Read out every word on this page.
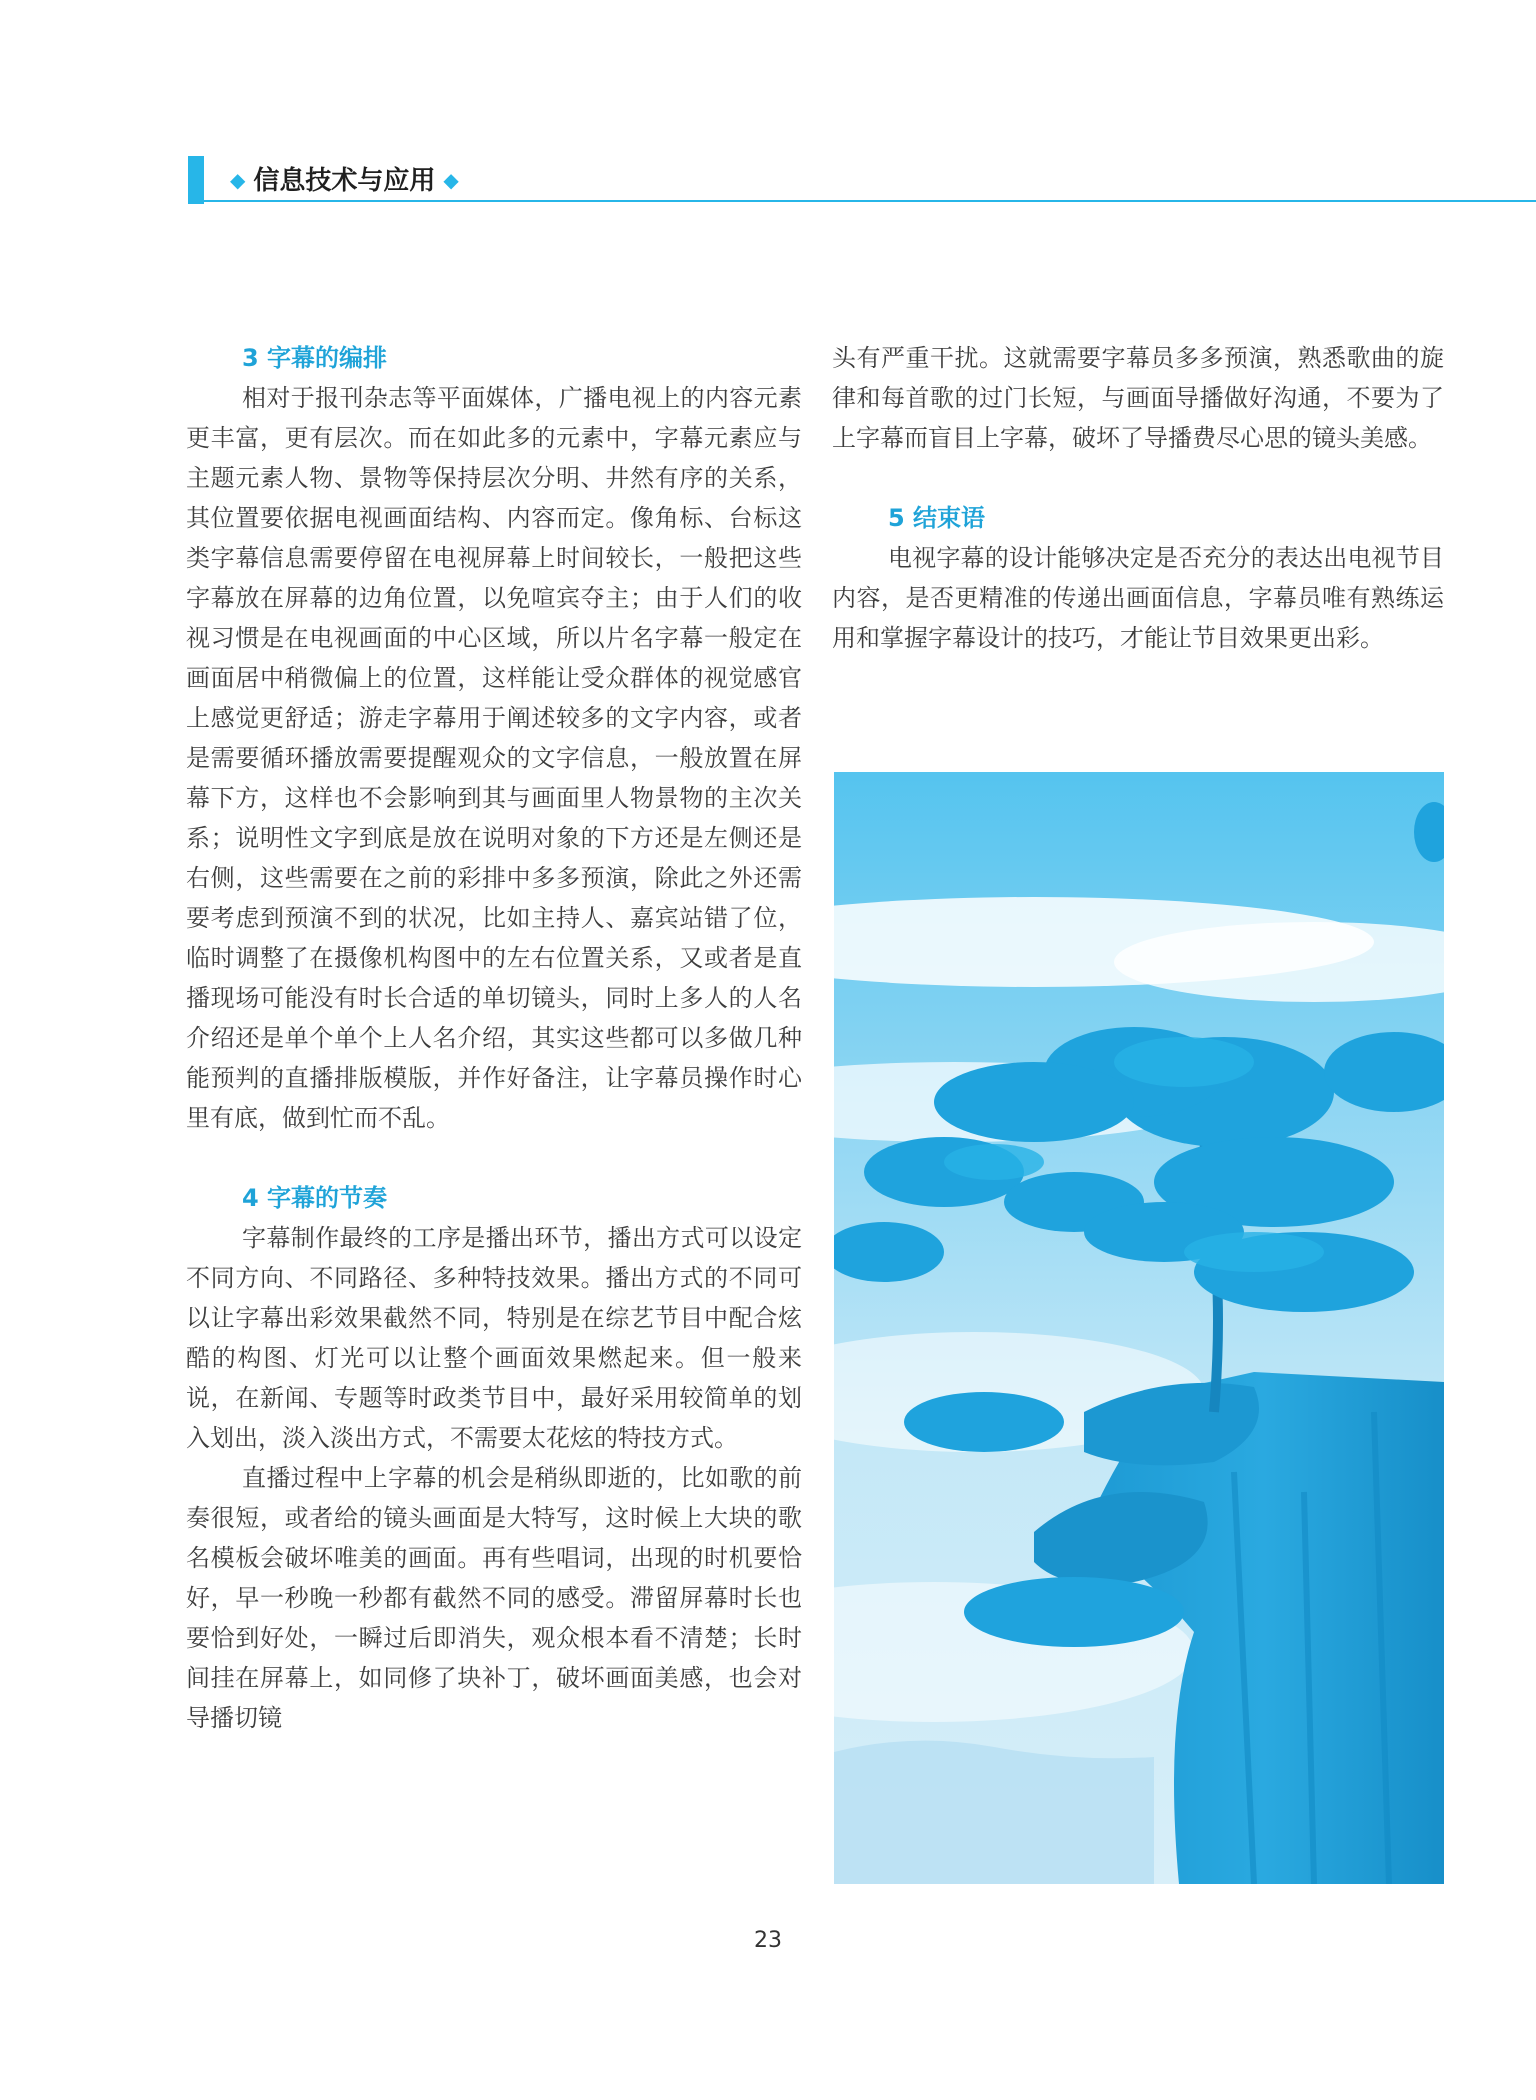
◆ 信息技术与应用 ◆
3 字幕的编排

相对于报刊杂志等平面媒体，广播电视上的内容元素更丰富，更有层次。而在如此多的元素中，字幕元素应与主题元素人物、景物等保持层次分明、井然有序的关系，其位置要依据电视画面结构、内容而定。像角标、台标这类字幕信息需要停留在电视屏幕上时间较长，一般把这些字幕放在屏幕的边角位置，以免喧宾夺主；由于人们的收视习惯是在电视画面的中心区域，所以片名字幕一般定在画面居中稍微偏上的位置，这样能让受众群体的视觉感官上感觉更舒适；游走字幕用于阐述较多的文字内容，或者是需要循环播放需要提醒观众的文字信息，一般放置在屏幕下方，这样也不会影响到其与画面里人物景物的主次关系；说明性文字到底是放在说明对象的下方还是左侧还是右侧，这些需要在之前的彩排中多多预演，除此之外还需要考虑到预演不到的状况，比如主持人、嘉宾站错了位，临时调整了在摄像机构图中的左右位置关系，又或者是直播现场可能没有时长合适的单切镜头，同时上多人的人名介绍还是单个单个上人名介绍，其实这些都可以多做几种能预判的直播排版模版，并作好备注，让字幕员操作时心里有底，做到忙而不乱。

4 字幕的节奏

字幕制作最终的工序是播出环节，播出方式可以设定不同方向、不同路径、多种特技效果。播出方式的不同可以让字幕出彩效果截然不同，特别是在综艺节目中配合炫酷的构图、灯光可以让整个画面效果燃起来。但一般来说，在新闻、专题等时政类节目中，最好采用较简单的划入划出，淡入淡出方式，不需要太花炫的特技方式。

直播过程中上字幕的机会是稍纵即逝的，比如歌的前奏很短，或者给的镜头画面是大特写，这时候上大块的歌名模板会破坏唯美的画面。再有些唱词，出现的时机要恰好，早一秒晚一秒都有截然不同的感受。滞留屏幕时长也要恰到好处，一瞬过后即消失，观众根本看不清楚；长时间挂在屏幕上，如同修了块补丁，破坏画面美感，也会对导播切镜

头有严重干扰。这就需要字幕员多多预演，熟悉歌曲的旋律和每首歌的过门长短，与画面导播做好沟通，不要为了上字幕而盲目上字幕，破坏了导播费尽心思的镜头美感。

5 结束语

电视字幕的设计能够决定是否充分的表达出电视节目内容，是否更精准的传递出画面信息，字幕员唯有熟练运用和掌握字幕设计的技巧，才能让节目效果更出彩。

23
